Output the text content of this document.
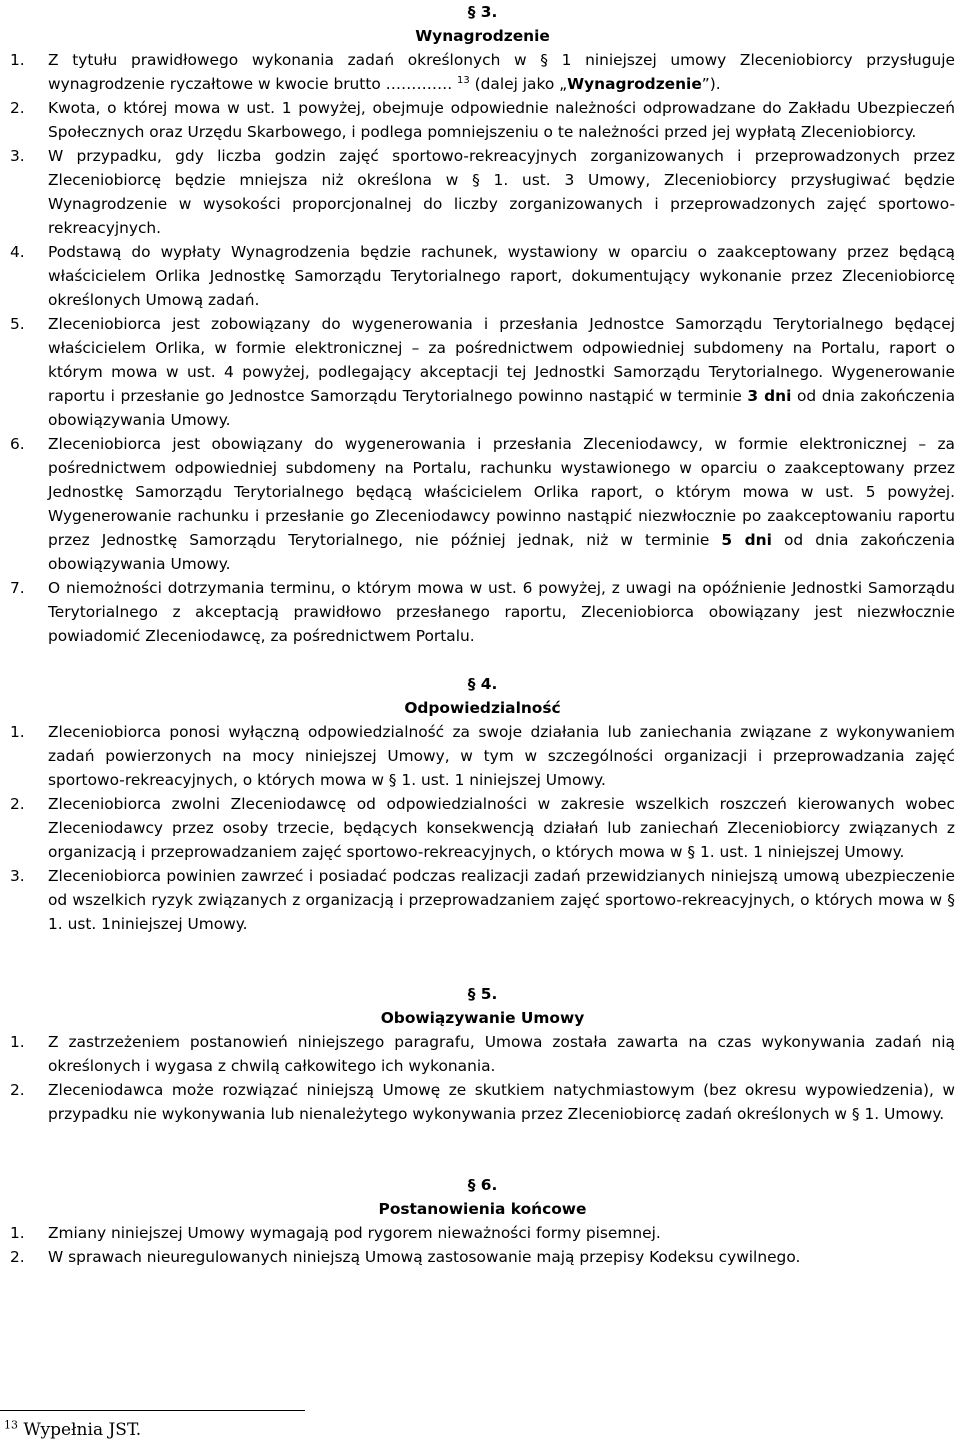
§ 3.
Wynagrodzenie
1.	Z tytułu prawidłowego wykonania zadań określonych w § 1 niniejszej umowy Zleceniobiorcy przysługuje wynagrodzenie ryczałtowe w kwocie brutto …………. $^{13}$ (dalej jako „Wynagrodzenie”).
2.	Kwota, o której mowa w ust. 1 powyżej, obejmuje odpowiednie należności odprowadzane do Zakładu Ubezpieczeń Społecznych oraz Urzędu Skarbowego, i podlega pomniejszeniu o te należności przed jej wypłatą Zleceniobiorcy.
3.	W przypadku, gdy liczba godzin zajęć sportowo-rekreacyjnych zorganizowanych i przeprowadzonych przez Zleceniobiorcę będzie mniejsza niż określona w § 1. ust. 3 Umowy, Zleceniobiorcy przysługiwać będzie Wynagrodzenie w wysokości proporcjonalnej do liczby zorganizowanych i przeprowadzonych zajęć sportowo-rekreacyjnych.
4.	Podstawą do wypłaty Wynagrodzenia będzie rachunek, wystawiony w oparciu o zaakceptowany przez będącą właścicielem Orlika Jednostkę Samorządu Terytorialnego raport, dokumentujący wykonanie przez Zleceniobiorcę określonych Umową zadań.
5.	Zleceniobiorca jest zobowiązany do wygenerowania i przesłania Jednostce Samorządu Terytorialnego będącej właścicielem Orlika, w formie elektronicznej – za pośrednictwem odpowiedniej subdomeny na Portalu, raport o którym mowa w ust. 4 powyżej, podlegający akceptacji tej Jednostki Samorządu Terytorialnego. Wygenerowanie raportu i przesłanie go Jednostce Samorządu Terytorialnego powinno nastąpić w terminie 3 dni od dnia zakończenia obowiązywania Umowy.
6.	Zleceniobiorca jest obowiązany do wygenerowania i przesłania Zleceniodawcy, w formie elektronicznej – za pośrednictwem odpowiedniej subdomeny na Portalu, rachunku wystawionego w oparciu o zaakceptowany przez Jednostkę Samorządu Terytorialnego będącą właścicielem Orlika raport, o którym mowa w ust. 5 powyżej. Wygenerowanie rachunku i przesłanie go Zleceniodawcy powinno nastąpić niezwłocznie po zaakceptowaniu raportu przez Jednostkę Samorządu Terytorialnego, nie później jednak, niż w terminie 5 dni od dnia zakończenia obowiązywania Umowy.
7.	O niemożności dotrzymania terminu, o którym mowa w ust. 6 powyżej, z uwagi na opóźnienie Jednostki Samorządu Terytorialnego z akceptacją prawidłowo przesłanego raportu, Zleceniobiorca obowiązany jest niezwłocznie powiadomić Zleceniodawcę, za pośrednictwem Portalu.
§ 4.
Odpowiedzialność
1.	Zleceniobiorca ponosi wyłączną odpowiedzialność za swoje działania lub zaniechania związane z wykonywaniem zadań powierzonych na mocy niniejszej Umowy, w tym w szczególności organizacji i przeprowadzania zajęć sportowo-rekreacyjnych, o których mowa w § 1. ust. 1 niniejszej Umowy.
2.	Zleceniobiorca zwolni Zleceniodawcę od odpowiedzialności w zakresie wszelkich roszczeń kierowanych wobec Zleceniodawcy przez osoby trzecie, będących konsekwencją działań lub zaniechań Zleceniobiorcy związanych z organizacją i przeprowadzaniem zajęć sportowo-rekreacyjnych, o których mowa w § 1. ust. 1 niniejszej Umowy.
3.	Zleceniobiorca powinien zawrzeć i posiadać podczas realizacji zadań przewidzianych niniejszą umową ubezpieczenie od wszelkich ryzyk związanych z organizacją i przeprowadzaniem zajęć sportowo-rekreacyjnych, o których mowa w § 1. ust. 1niniejszej Umowy.
§ 5.
Obowiązywanie Umowy
1.	Z zastrzeżeniem postanowień niniejszego paragrafu, Umowa została zawarta na czas wykonywania zadań nią określonych i wygasa z chwilą całkowitego ich wykonania.
2.	Zleceniodawca może rozwiązać niniejszą Umowę ze skutkiem natychmiastowym (bez okresu wypowiedzenia), w przypadku nie wykonywania lub nienależytego wykonywania przez Zleceniobiorcę zadań określonych w § 1. Umowy.
§ 6.
Postanowienia końcowe
1.	Zmiany niniejszej Umowy wymagają pod rygorem nieważności formy pisemnej.
2.	W sprawach nieuregulowanych niniejszą Umową zastosowanie mają przepisy Kodeksu cywilnego.
$^{13}$ Wypełnia JST.
